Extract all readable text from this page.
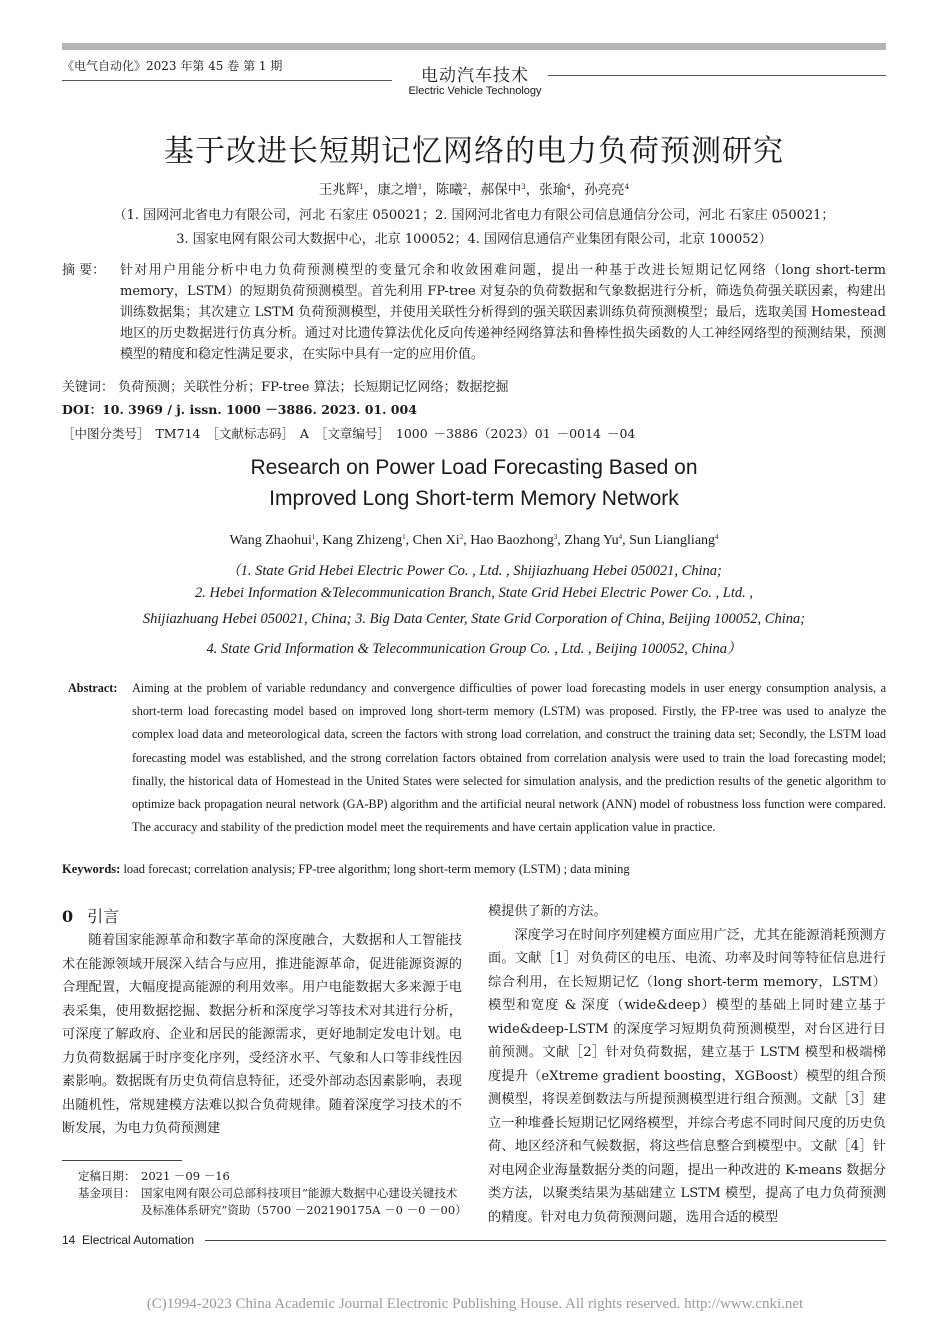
《电气自动化》2023 年第 45 卷 第 1 期	电动汽车技术
Electric Vehicle Technology
基于改进长短期记忆网络的电力负荷预测研究
王兆辉$^1$，康之增$^1$，陈曦$^2$，郝保中$^3$，张瑜$^4$，孙亮亮$^4$
（1. 国网河北省电力有限公司，河北 石家庄 050021；2. 国网河北省电力有限公司信息通信分公司，河北 石家庄 050021；
3. 国家电网有限公司大数据中心，北京 100052；4. 国网信息通信产业集团有限公司，北京 100052）
摘 要：	针对用户用能分析中电力负荷预测模型的变量冗余和收敛困难问题，提出一种基于改进长短期记忆网络（long short-term memory，LSTM）的短期负荷预测模型。首先利用 FP-tree 对复杂的负荷数据和气象数据进行分析，筛选负荷强关联因素，构建出训练数据集；其次建立 LSTM 负荷预测模型，并使用关联性分析得到的强关联因素训练负荷预测模型；最后，选取美国 Homestead 地区的历史数据进行仿真分析。通过对比遗传算法优化反向传递神经网络算法和鲁棒性损失函数的人工神经网络型的预测结果，预测模型的精度和稳定性满足要求，在实际中具有一定的应用价值。
关键词： 负荷预测；关联性分析；FP-tree 算法；长短期记忆网络；数据挖掘
DOI：10. 3969 / j. issn. 1000 －3886. 2023. 01. 004
［中图分类号］ TM714 ［文献标志码］ A ［文章编号］ 1000 －3886（2023）01 －0014 －04
Research on Power Load Forecasting Based on
Improved Long Short-term Memory Network
Wang Zhaohui$^1$, Kang Zhizeng$^1$, Chen Xi$^2$, Hao Baozhong$^3$, Zhang Yu$^4$, Sun Liangliang$^4$
（1. State Grid Hebei Electric Power Co. , Ltd. , Shijiazhuang Hebei 050021, China;
2. Hebei Information &Telecommunication Branch, State Grid Hebei Electric Power Co. , Ltd. ,
Shijiazhuang Hebei 050021, China; 3. Big Data Center, State Grid Corporation of China, Beijing 100052, China;
4. State Grid Information & Telecommunication Group Co. , Ltd. , Beijing 100052, China）
Abstract: Aiming at the problem of variable redundancy and convergence difficulties of power load forecasting models in user energy consumption analysis, a short-term load forecasting model based on improved long short-term memory (LSTM) was proposed. Firstly, the FP-tree was used to analyze the complex load data and meteorological data, screen the factors with strong load correlation, and construct the training data set; Secondly, the LSTM load forecasting model was established, and the strong correlation factors obtained from correlation analysis were used to train the load forecasting model; finally, the historical data of Homestead in the United States were selected for simulation analysis, and the prediction results of the genetic algorithm to optimize back propagation neural network (GA-BP) algorithm and the artificial neural network (ANN) model of robustness loss function were compared. The accuracy and stability of the prediction model meet the requirements and have certain application value in practice.
Keywords: load forecast; correlation analysis; FP-tree algorithm; long short-term memory (LSTM) ; data mining
0 引言

随着国家能源革命和数字革命的深度融合，大数据和人工智能技术在能源领域开展深入结合与应用，推进能源革命，促进能源资源的合理配置，大幅度提高能源的利用效率。用户电能数据大多来源于电表采集，使用数据挖掘、数据分析和深度学习等技术对其进行分析，可深度了解政府、企业和居民的能源需求，更好地制定发电计划。电力负荷数据属于时序变化序列，受经济水平、气象和人口等非线性因素影响。数据既有历史负荷信息特征，还受外部动态因素影响，表现出随机性，常规建模方法难以拟合负荷规律。随着深度学习技术的不断发展，为电力负荷预测建

模提供了新的方法。

深度学习在时间序列建模方面应用广泛，尤其在能源消耗预测方面。文献［1］对负荷区的电压、电流、功率及时间等特征信息进行综合利用，在长短期记忆（long short-term memory，LSTM）模型和宽度 & 深度（wide&deep）模型的基础上同时建立基于 wide&deep-LSTM 的深度学习短期负荷预测模型，对台区进行日前预测。文献［2］针对负荷数据，建立基于 LSTM 模型和极端梯度提升（eXtreme gradient boosting，XGBoost）模型的组合预测模型，将误差倒数法与所提预测模型进行组合预测。文献［3］建立一种堆叠长短期记忆网络模型，并综合考虑不同时间尺度的历史负荷、地区经济和气候数据，将这些信息整合到模型中。文献［4］针对电网企业海量数据分类的问题，提出一种改进的 K-means 数据分类方法，以聚类结果为基础建立 LSTM 模型，提高了电力负荷预测的精度。针对电力负荷预测问题，选用合适的模型

定稿日期： 2021 －09 －16
基金项目： 国家电网有限公司总部科技项目“能源大数据中心建设关键技术及标准体系研究”资助（5700 －202190175A －0 －0 －00）
14 Electrical Automation
(C)1994-2023 China Academic Journal Electronic Publishing House. All rights reserved. http://www.cnki.net
